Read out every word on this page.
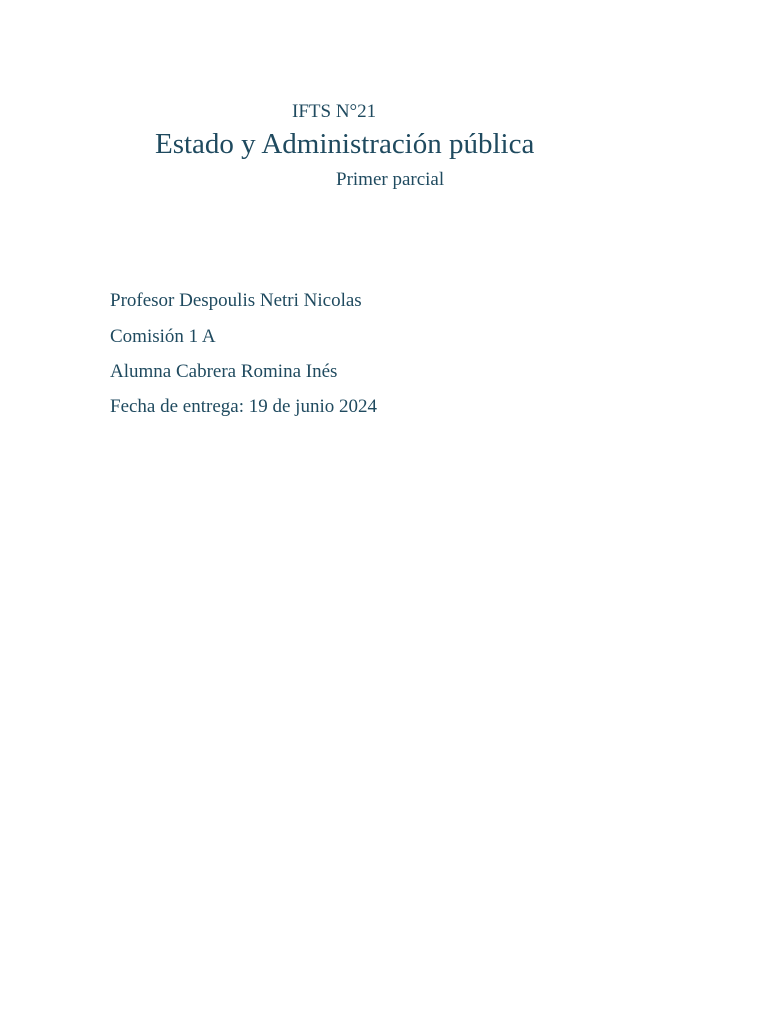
IFTS N°21
Estado y Administración pública
Primer parcial
Profesor Despoulis Netri Nicolas
Comisión 1 A
Alumna Cabrera Romina Inés
Fecha de entrega: 19 de junio 2024
